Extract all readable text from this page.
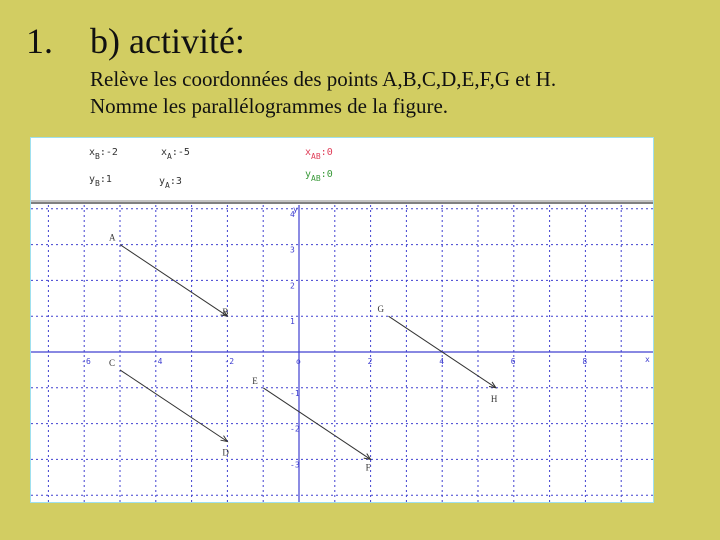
1. b) activité:
Relève les coordonnées des points A,B,C,D,E,F,G et H.
Nomme les parallélogrammes de la figure.
$x_B:-2$
$y_B:1$
$x_A:-5$
$y_A:3$
$x_{AB}:0$
$y_{AB}:0$
-6	-4	-2	o	2	4	6	8
4
3
2
1
-1
-2
-3
x
y
A
B
C
D
E
F
G
H
